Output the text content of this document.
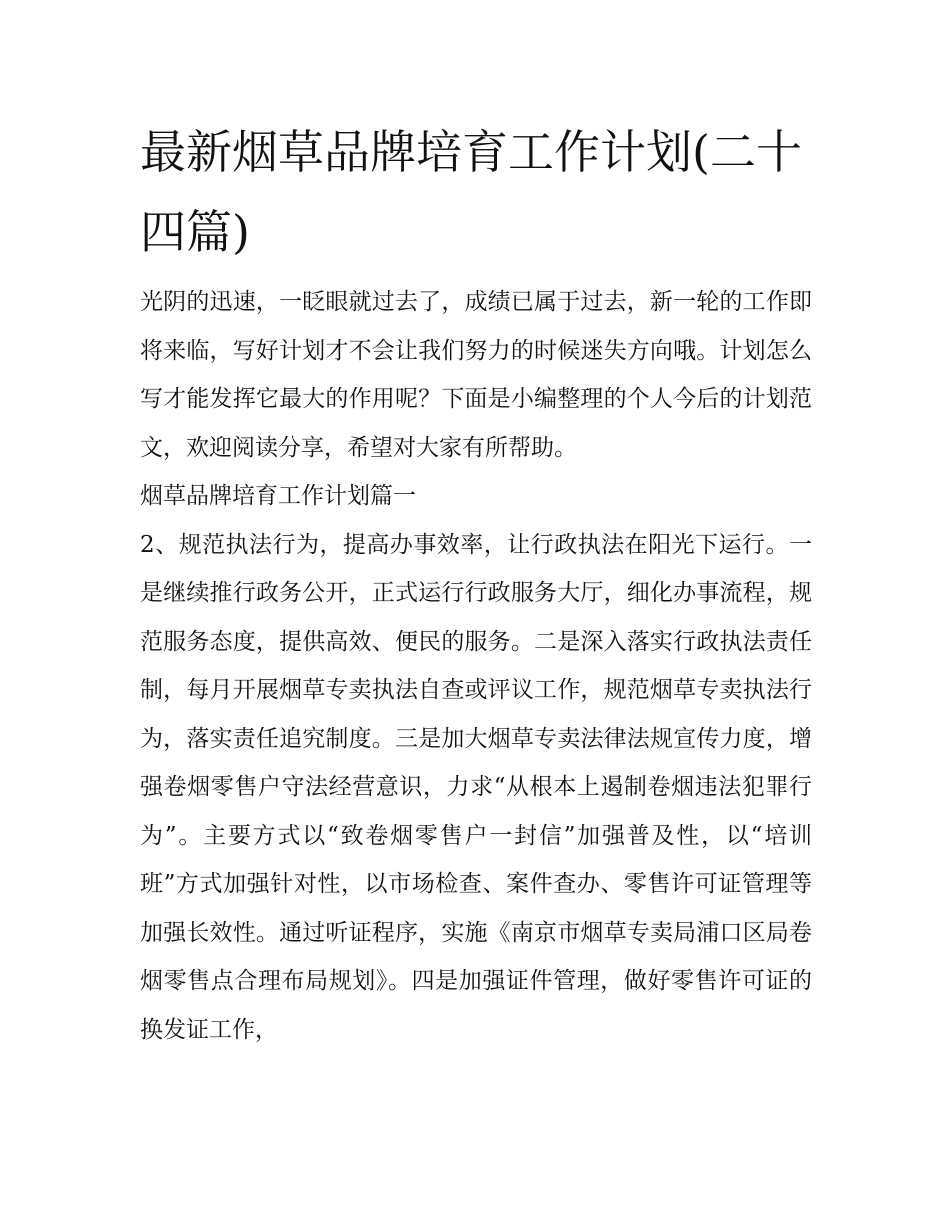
最新烟草品牌培育工作计划(二十四篇)

光阴的迅速，一眨眼就过去了，成绩已属于过去，新一轮的工作即将来临，写好计划才不会让我们努力的时候迷失方向哦。计划怎么写才能发挥它最大的作用呢？下面是小编整理的个人今后的计划范文，欢迎阅读分享，希望对大家有所帮助。

烟草品牌培育工作计划篇一

2、规范执法行为，提高办事效率，让行政执法在阳光下运行。一是继续推行政务公开，正式运行行政服务大厅，细化办事流程，规范服务态度，提供高效、便民的服务。二是深入落实行政执法责任制，每月开展烟草专卖执法自查或评议工作，规范烟草专卖执法行为，落实责任追究制度。三是加大烟草专卖法律法规宣传力度，增强卷烟零售户守法经营意识，力求“从根本上遏制卷烟违法犯罪行为”。主要方式以“致卷烟零售户一封信”加强普及性，以“培训班”方式加强针对性，以市场检查、案件查办、零售许可证管理等加强长效性。通过听证程序，实施《南京市烟草专卖局浦口区局卷烟零售点合理布局规划》。四是加强证件管理，做好零售许可证的换发证工作，
